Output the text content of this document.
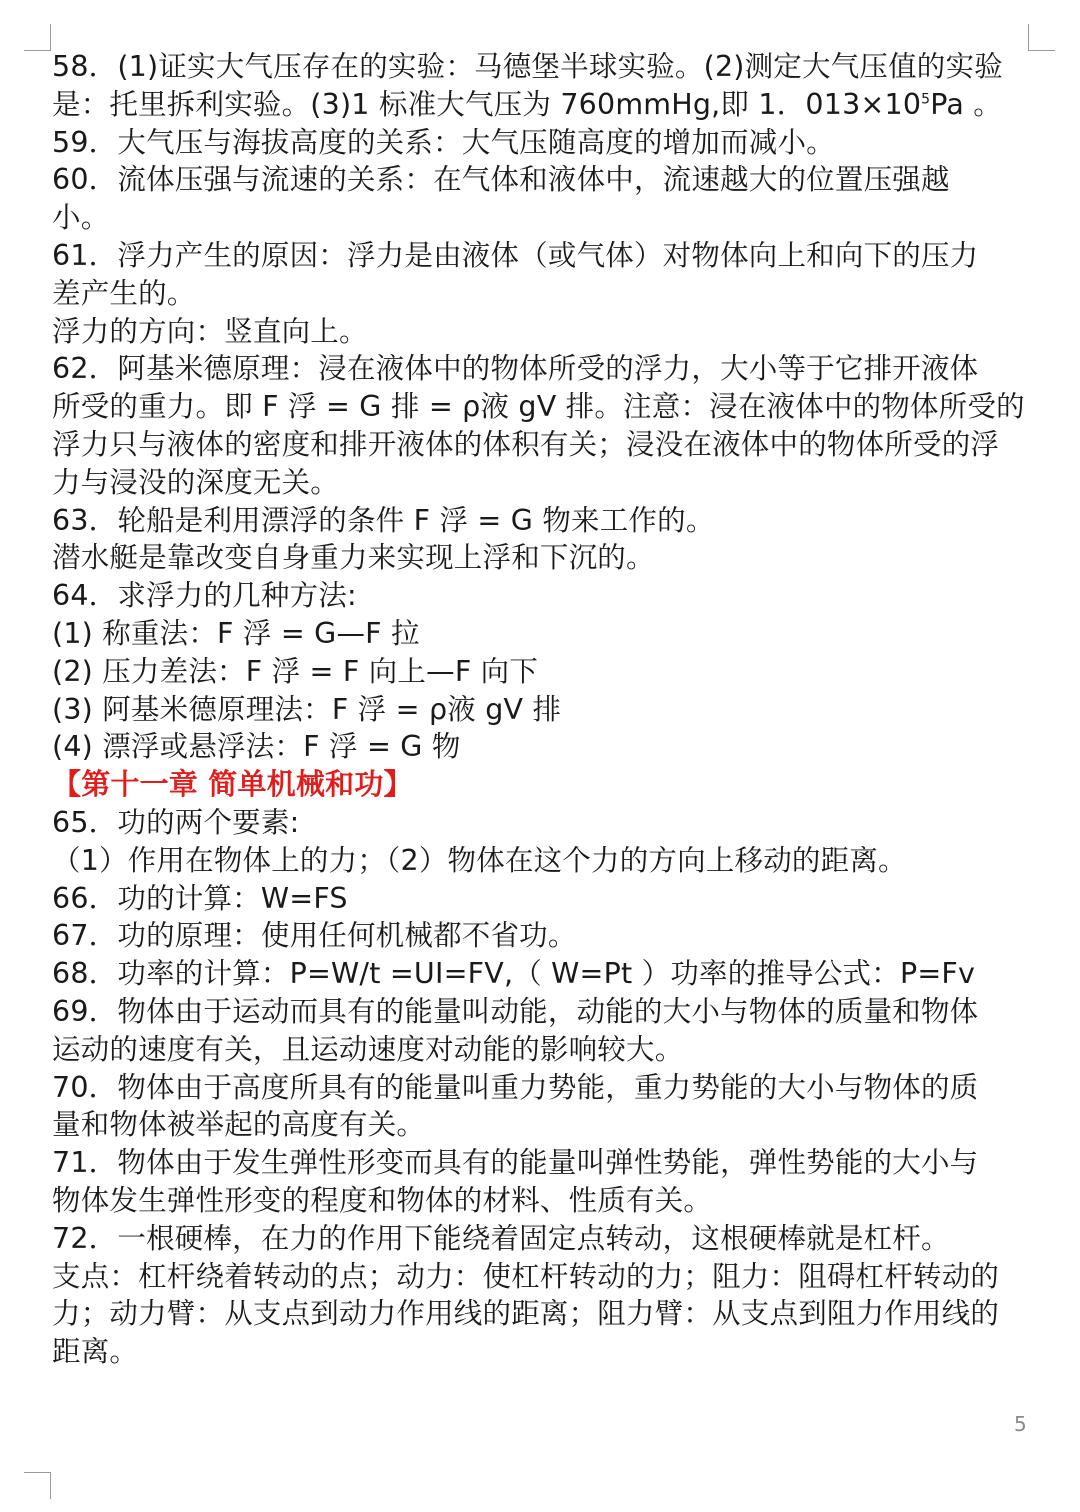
58．(1)证实大气压存在的实验：马德堡半球实验。(2)测定大气压值的实验
是：托里拆利实验。(3)1 标准大气压为 760mmHg,即 1．$013\times 10^5Pa$ 。
59．大气压与海拔高度的关系：大气压随高度的增加而减小。
60．流体压强与流速的关系：在气体和液体中，流速越大的位置压强越
小。
61．浮力产生的原因：浮力是由液体（或气体）对物体向上和向下的压力
差产生的。
浮力的方向：竖直向上。
62．阿基米德原理：浸在液体中的物体所受的浮力，大小等于它排开液体
所受的重力。即 F 浮 = G 排 = ρ液 gV 排。注意：浸在液体中的物体所受的
浮力只与液体的密度和排开液体的体积有关；浸没在液体中的物体所受的浮
力与浸没的深度无关。
63．轮船是利用漂浮的条件 F 浮 = G 物来工作的。
潜水艇是靠改变自身重力来实现上浮和下沉的。
64．求浮力的几种方法:
(1) 称重法：F 浮 = G—F 拉
(2) 压力差法：F 浮 = F 向上—F 向下
(3) 阿基米德原理法：F 浮 = ρ液 gV 排
(4) 漂浮或悬浮法：F 浮 = G 物
【第十一章 简单机械和功】
65．功的两个要素:
（1）作用在物体上的力；（2）物体在这个力的方向上移动的距离。
66．功的计算：W=FS
67．功的原理：使用任何机械都不省功。
68．功率的计算：P=W/t =UI=FV,（ W=Pt ）功率的推导公式：P=Fv
69．物体由于运动而具有的能量叫动能，动能的大小与物体的质量和物体
运动的速度有关，且运动速度对动能的影响较大。
70．物体由于高度所具有的能量叫重力势能，重力势能的大小与物体的质
量和物体被举起的高度有关。
71．物体由于发生弹性形变而具有的能量叫弹性势能，弹性势能的大小与
物体发生弹性形变的程度和物体的材料、性质有关。
72．一根硬棒，在力的作用下能绕着固定点转动，这根硬棒就是杠杆。
支点：杠杆绕着转动的点；动力：使杠杆转动的力；阻力：阻碍杠杆转动的
力；动力臂：从支点到动力作用线的距离；阻力臂：从支点到阻力作用线的
距离。
5
